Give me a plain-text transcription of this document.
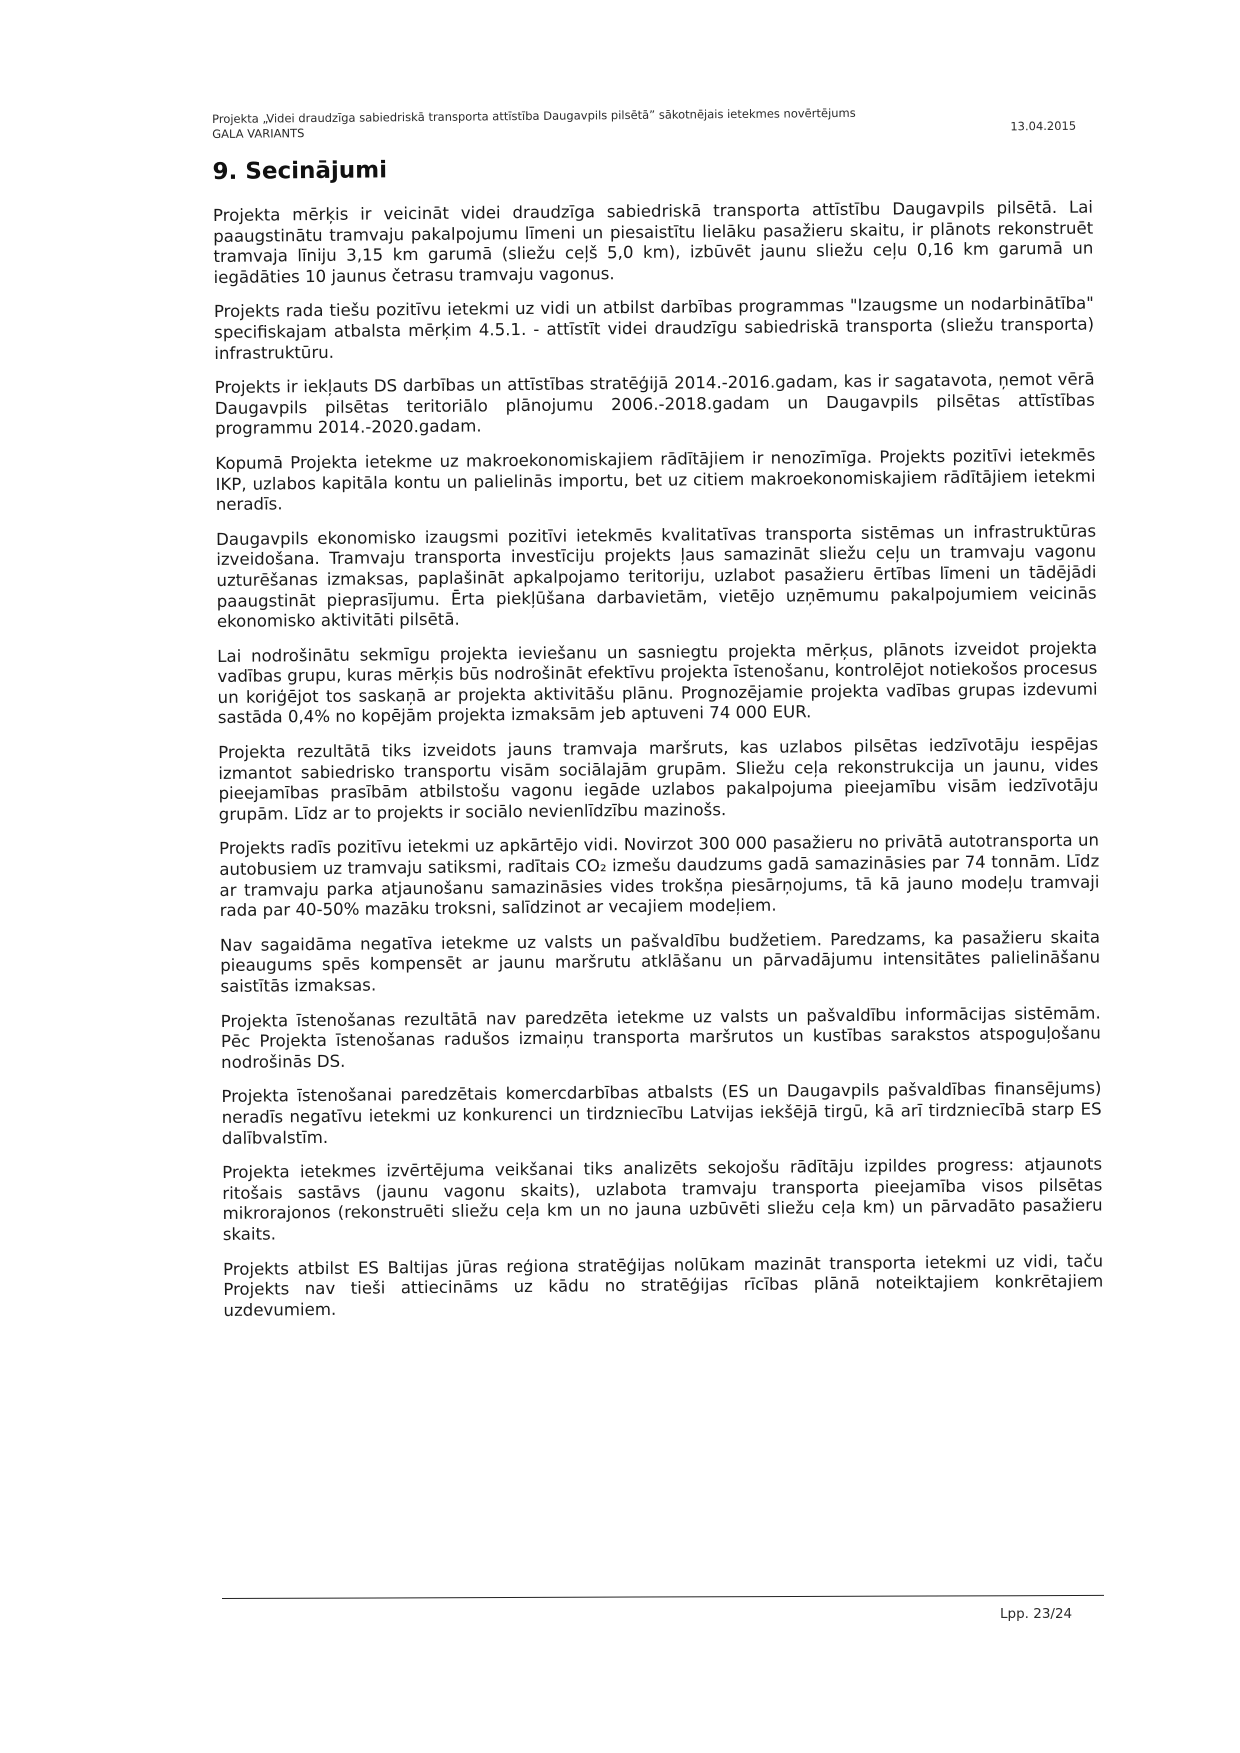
Projekta „Videi draudzīga sabiedriskā transporta attīstība Daugavpils pilsētā” sākotnējais ietekmes novērtējums
GALA VARIANTS
13.04.2015
9. Secinājumi

Projekta mērķis ir veicināt videi draudzīga sabiedriskā transporta attīstību Daugavpils pilsētā. Lai paaugstinātu tramvaju pakalpojumu līmeni un piesaistītu lielāku pasažieru skaitu, ir plānots rekonstruēt tramvaja līniju 3,15 km garumā (sliežu ceļš 5,0 km), izbūvēt jaunu sliežu ceļu 0,16 km garumā un iegādāties 10 jaunus četrasu tramvaju vagonus.

Projekts rada tiešu pozitīvu ietekmi uz vidi un atbilst darbības programmas "Izaugsme un nodarbinātība" specifiskajam atbalsta mērķim 4.5.1. - attīstīt videi draudzīgu sabiedriskā transporta (sliežu transporta) infrastruktūru.

Projekts ir iekļauts DS darbības un attīstības stratēģijā 2014.-2016.gadam, kas ir sagatavota, ņemot vērā Daugavpils pilsētas teritoriālo plānojumu 2006.-2018.gadam un Daugavpils pilsētas attīstības programmu 2014.-2020.gadam.

Kopumā Projekta ietekme uz makroekonomiskajiem rādītājiem ir nenozīmīga. Projekts pozitīvi ietekmēs IKP, uzlabos kapitāla kontu un palielinās importu, bet uz citiem makroekonomiskajiem rādītājiem ietekmi neradīs.

Daugavpils ekonomisko izaugsmi pozitīvi ietekmēs kvalitatīvas transporta sistēmas un infrastruktūras izveidošana. Tramvaju transporta investīciju projekts ļaus samazināt sliežu ceļu un tramvaju vagonu uzturēšanas izmaksas, paplašināt apkalpojamo teritoriju, uzlabot pasažieru ērtības līmeni un tādējādi paaugstināt pieprasījumu. Ērta piekļūšana darbavietām, vietējo uzņēmumu pakalpojumiem veicinās ekonomisko aktivitāti pilsētā.

Lai nodrošinātu sekmīgu projekta ieviešanu un sasniegtu projekta mērķus, plānots izveidot projekta vadības grupu, kuras mērķis būs nodrošināt efektīvu projekta īstenošanu, kontrolējot notiekošos procesus un koriģējot tos saskaņā ar projekta aktivitāšu plānu. Prognozējamie projekta vadības grupas izdevumi sastāda 0,4% no kopējām projekta izmaksām jeb aptuveni 74 000 EUR.

Projekta rezultātā tiks izveidots jauns tramvaja maršruts, kas uzlabos pilsētas iedzīvotāju iespējas izmantot sabiedrisko transportu visām sociālajām grupām. Sliežu ceļa rekonstrukcija un jaunu, vides pieejamības prasībām atbilstošu vagonu iegāde uzlabos pakalpojuma pieejamību visām iedzīvotāju grupām. Līdz ar to projekts ir sociālo nevienlīdzību mazinošs.

Projekts radīs pozitīvu ietekmi uz apkārtējo vidi. Novirzot 300 000 pasažieru no privātā autotransporta un autobusiem uz tramvaju satiksmi, radītais CO₂ izmešu daudzums gadā samazināsies par 74 tonnām. Līdz ar tramvaju parka atjaunošanu samazināsies vides trokšņa piesārņojums, tā kā jauno modeļu tramvaji rada par 40-50% mazāku troksni, salīdzinot ar vecajiem modeļiem.

Nav sagaidāma negatīva ietekme uz valsts un pašvaldību budžetiem. Paredzams, ka pasažieru skaita pieaugums spēs kompensēt ar jaunu maršrutu atklāšanu un pārvadājumu intensitātes palielināšanu saistītās izmaksas.

Projekta īstenošanas rezultātā nav paredzēta ietekme uz valsts un pašvaldību informācijas sistēmām. Pēc Projekta īstenošanas radušos izmaiņu transporta maršrutos un kustības sarakstos atspoguļošanu nodrošinās DS.

Projekta īstenošanai paredzētais komercdarbības atbalsts (ES un Daugavpils pašvaldības finansējums) neradīs negatīvu ietekmi uz konkurenci un tirdzniecību Latvijas iekšējā tirgū, kā arī tirdzniecībā starp ES dalībvalstīm.

Projekta ietekmes izvērtējuma veikšanai tiks analizēts sekojošu rādītāju izpildes progress: atjaunots ritošais sastāvs (jaunu vagonu skaits), uzlabota tramvaju transporta pieejamība visos pilsētas mikrorajonos (rekonstruēti sliežu ceļa km un no jauna uzbūvēti sliežu ceļa km) un pārvadāto pasažieru skaits.

Projekts atbilst ES Baltijas jūras reģiona stratēģijas nolūkam mazināt transporta ietekmi uz vidi, taču Projekts nav tieši attiecināms uz kādu no stratēģijas rīcības plānā noteiktajiem konkrētajiem uzdevumiem.

Lpp. 23/24
